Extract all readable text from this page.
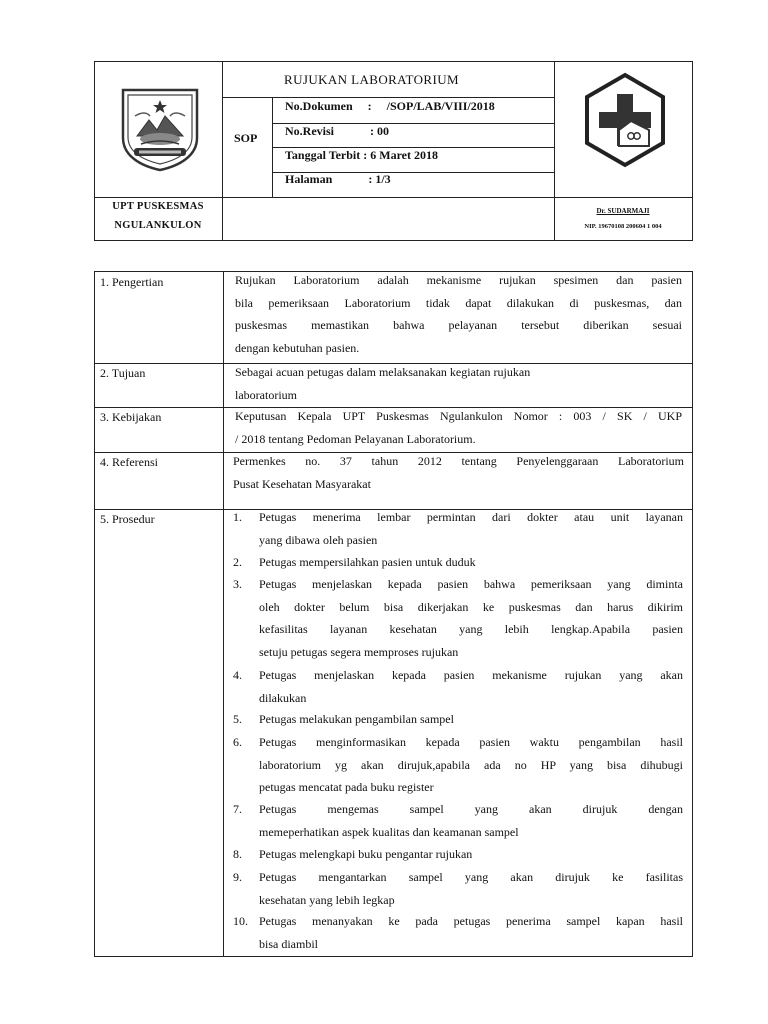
RUJUKAN LABORATORIUM
SOP
No.Dokumen     :     /SOP/LAB/VIII/2018
No.Revisi            : 00
Tanggal Terbit : 6 Maret 2018
Halaman            : 1/3
UPT PUSKESMAS
NGULANKULON
Dr. SUDARMAJI
NIP. 19670108 200604 1 004
1. Pengertian	Rujukan Laboratorium adalah mekanisme rujukan spesimen dan pasien
bila pemeriksaan Laboratorium tidak dapat dilakukan di puskesmas, dan
puskesmas memastikan bahwa pelayanan tersebut diberikan sesuai
dengan kebutuhan pasien.
2. Tujuan	Sebagai acuan petugas dalam melaksanakan kegiatan rujukan
laboratorium
3. Kebijakan	Keputusan Kepala UPT Puskesmas Ngulankulon Nomor : 003 / SK / UKP
/ 2018 tentang Pedoman Pelayanan Laboratorium.
4. Referensi	Permenkes no. 37 tahun 2012 tentang Penyelenggaraan Laboratorium
Pusat Kesehatan Masyarakat
5. Prosedur	1.	Petugas menerima lembar permintan dari dokter atau unit layanan
yang dibawa oleh pasien
2.	Petugas mempersilahkan pasien untuk duduk
3.	Petugas menjelaskan kepada pasien bahwa pemeriksaan yang diminta
oleh dokter belum bisa dikerjakan ke puskesmas dan harus dikirim
kefasilitas layanan kesehatan yang lebih lengkap.Apabila pasien
setuju petugas segera memproses rujukan
4.	Petugas menjelaskan kepada pasien mekanisme rujukan yang akan
dilakukan
5.	Petugas melakukan pengambilan sampel
6.	Petugas menginformasikan kepada pasien waktu pengambilan hasil
laboratorium yg akan dirujuk,apabila ada no HP yang bisa dihubugi
petugas mencatat pada buku register
7.	Petugas mengemas sampel yang akan dirujuk dengan
memeperhatikan aspek kualitas dan keamanan sampel
8.	Petugas melengkapi buku pengantar rujukan
9.	Petugas mengantarkan sampel yang akan dirujuk ke fasilitas
kesehatan yang lebih legkap
10. Petugas menanyakan ke pada petugas penerima sampel kapan hasil
bisa diambil
